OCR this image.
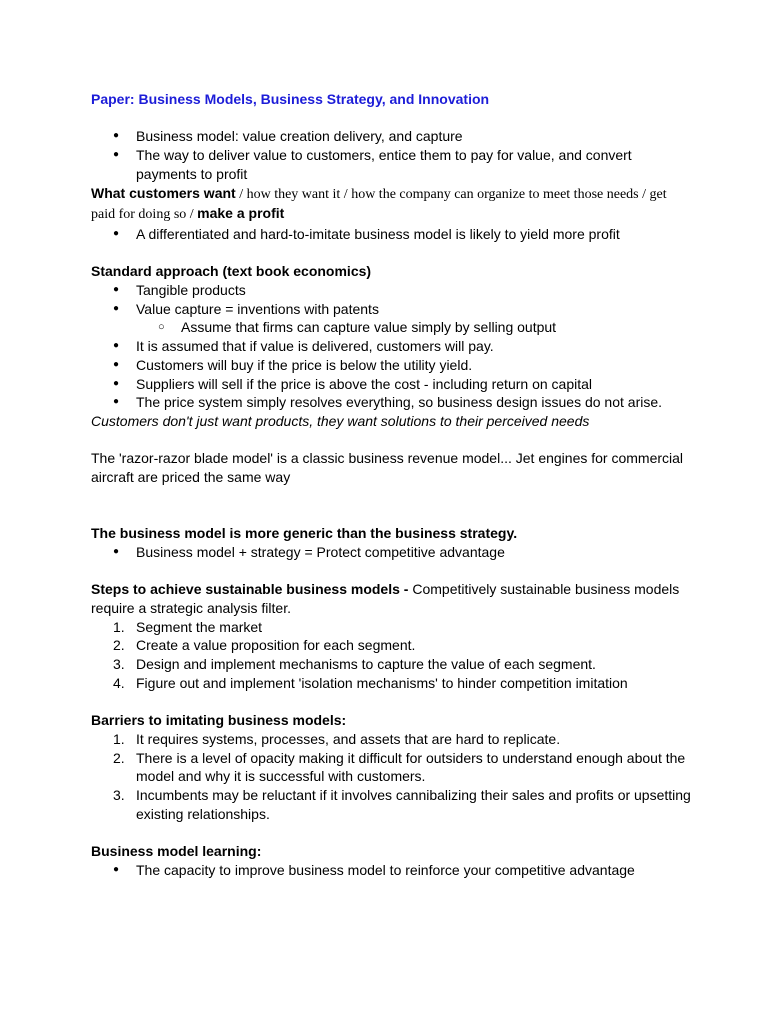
Paper: Business Models, Business Strategy, and Innovation

● Business model: value creation delivery, and capture
● The way to deliver value to customers, entice them to pay for value, and convert payments to profit

What customers want / how they want it / how the company can organize to meet those needs / get paid for doing so / make a profit

● A differentiated and hard-to-imitate business model is likely to yield more profit

Standard approach (text book economics)

● Tangible products
● Value capture = inventions with patents
○ Assume that firms can capture value simply by selling output
● It is assumed that if value is delivered, customers will pay.
● Customers will buy if the price is below the utility yield.
● Suppliers will sell if the price is above the cost - including return on capital
● The price system simply resolves everything, so business design issues do not arise.

Customers don't just want products, they want solutions to their perceived needs

The 'razor-razor blade model' is a classic business revenue model... Jet engines for commercial aircraft are priced the same way

The business model is more generic than the business strategy.

● Business model + strategy = Protect competitive advantage

Steps to achieve sustainable business models - Competitively sustainable business models require a strategic analysis filter.

1. Segment the market
2. Create a value proposition for each segment.
3. Design and implement mechanisms to capture the value of each segment.
4. Figure out and implement 'isolation mechanisms' to hinder competition imitation

Barriers to imitating business models:

1. It requires systems, processes, and assets that are hard to replicate.
2. There is a level of opacity making it difficult for outsiders to understand enough about the model and why it is successful with customers.
3. Incumbents may be reluctant if it involves cannibalizing their sales and profits or upsetting existing relationships.

Business model learning:

● The capacity to improve business model to reinforce your competitive advantage
